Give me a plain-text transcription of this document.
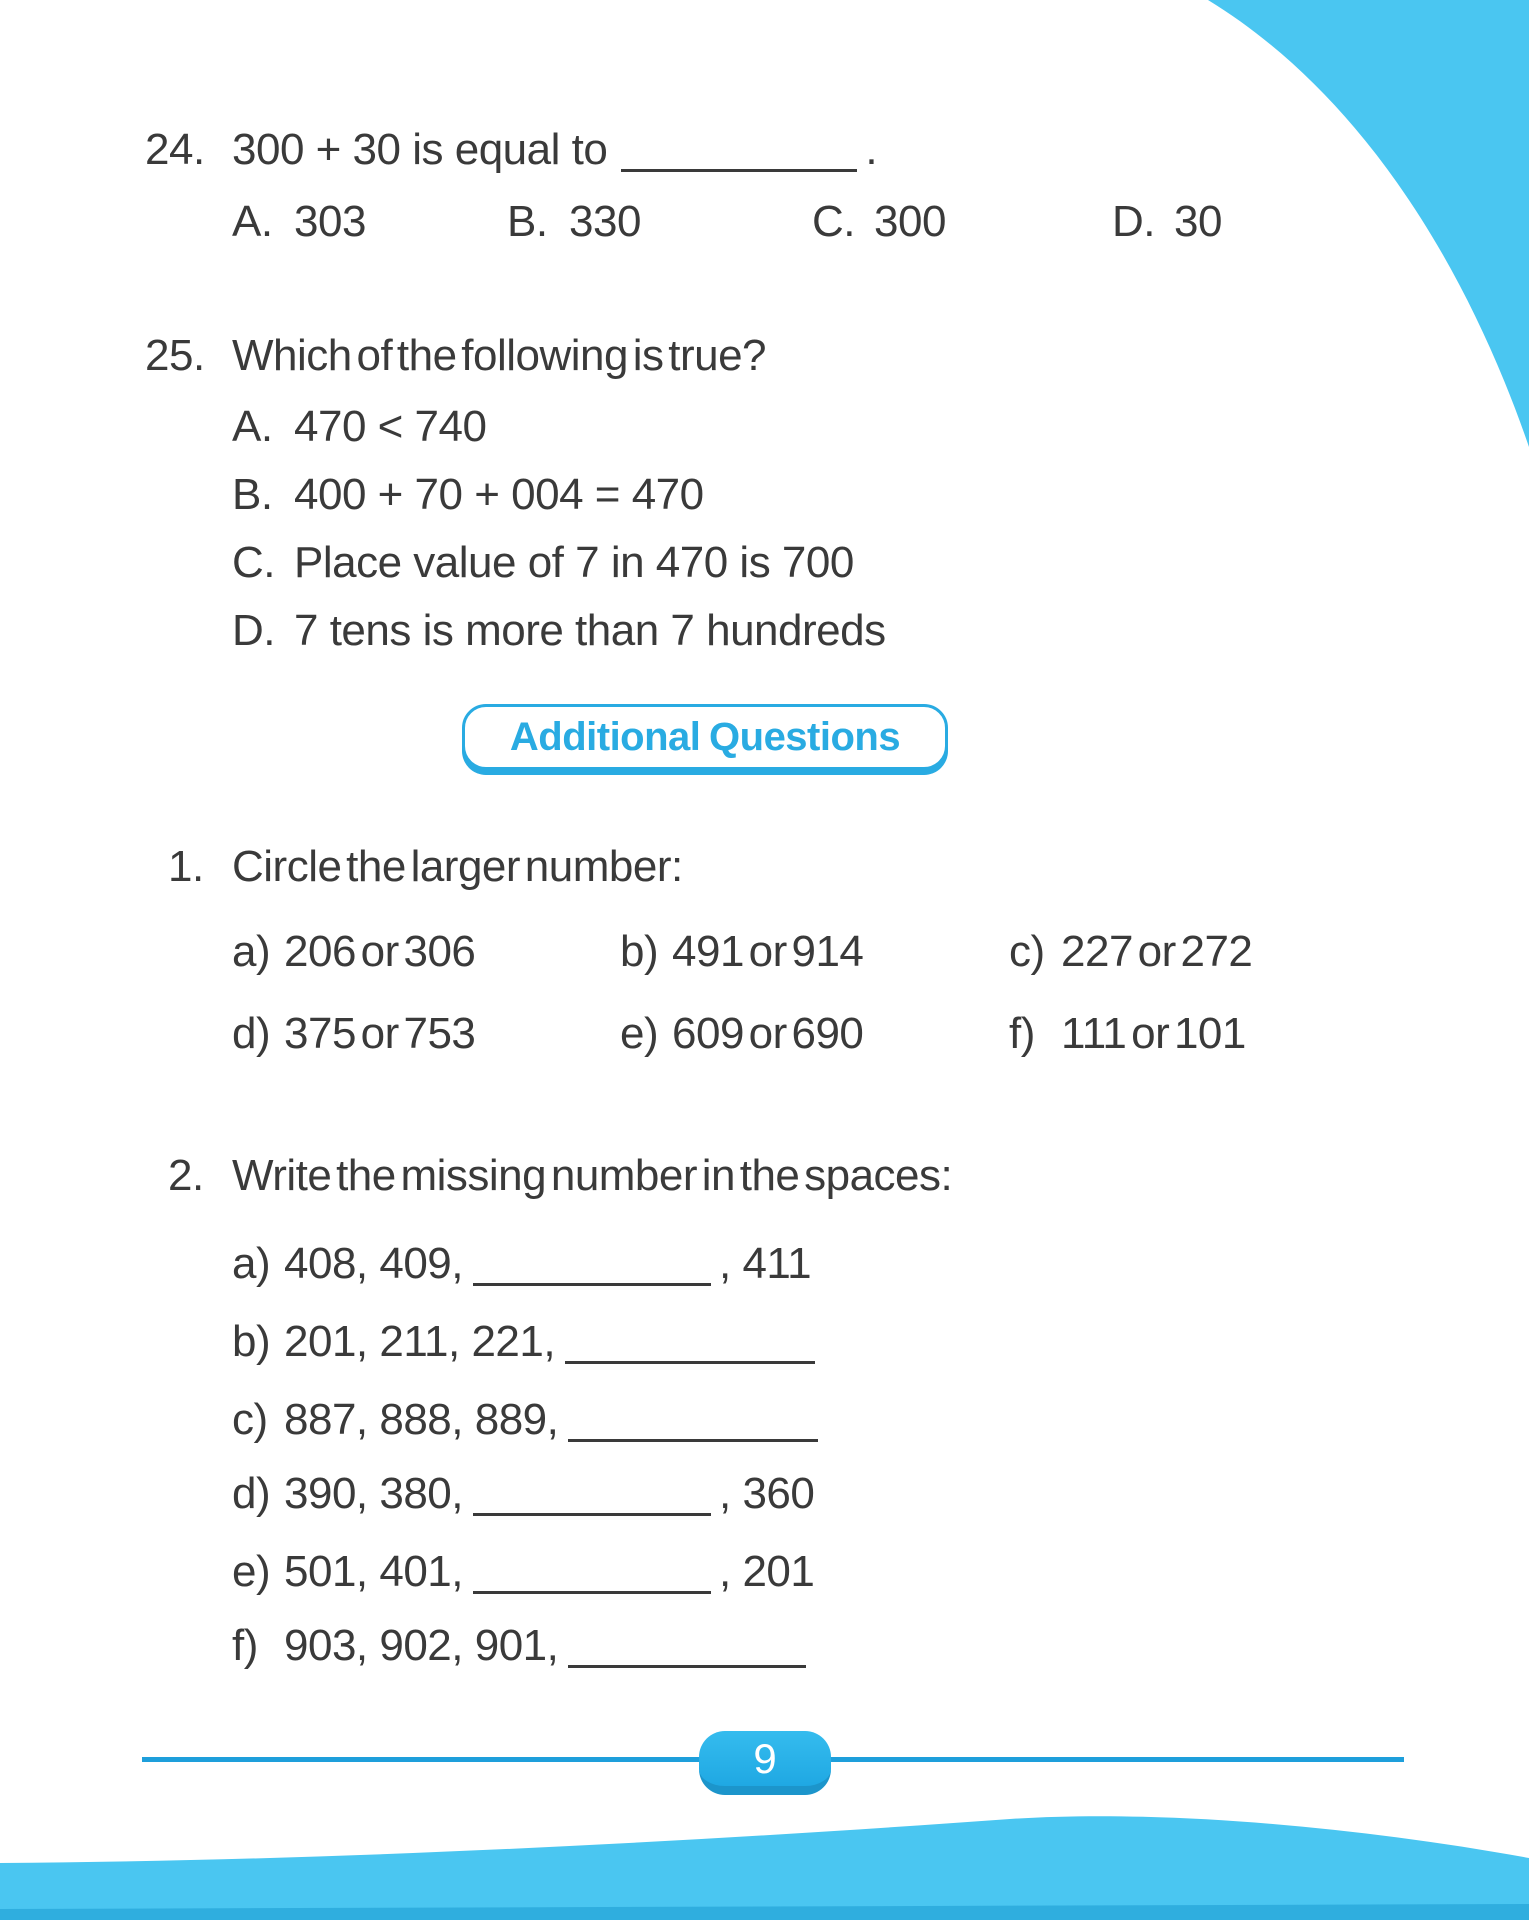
24. 300 + 30 is equal to	.
A. 303	B. 330	C. 300	D. 30
25. Which of the following is true?
A. 470 < 740
B. 400 + 70 + 004 = 470
C. Place value of 7 in 470 is 700
D. 7 tens is more than 7 hundreds
Additional Questions
1. Circle the larger number:
a) 206 or 306	b) 491 or 914	c) 227 or 272
d) 375 or 753	e) 609 or 690	f) 111 or 101
2. Write the missing number in the spaces:
a) 408, 409,	, 411
b) 201, 211, 221,
c) 887, 888, 889,
d) 390, 380,	, 360
e) 501, 401,	, 201
f) 903, 902, 901,
9
